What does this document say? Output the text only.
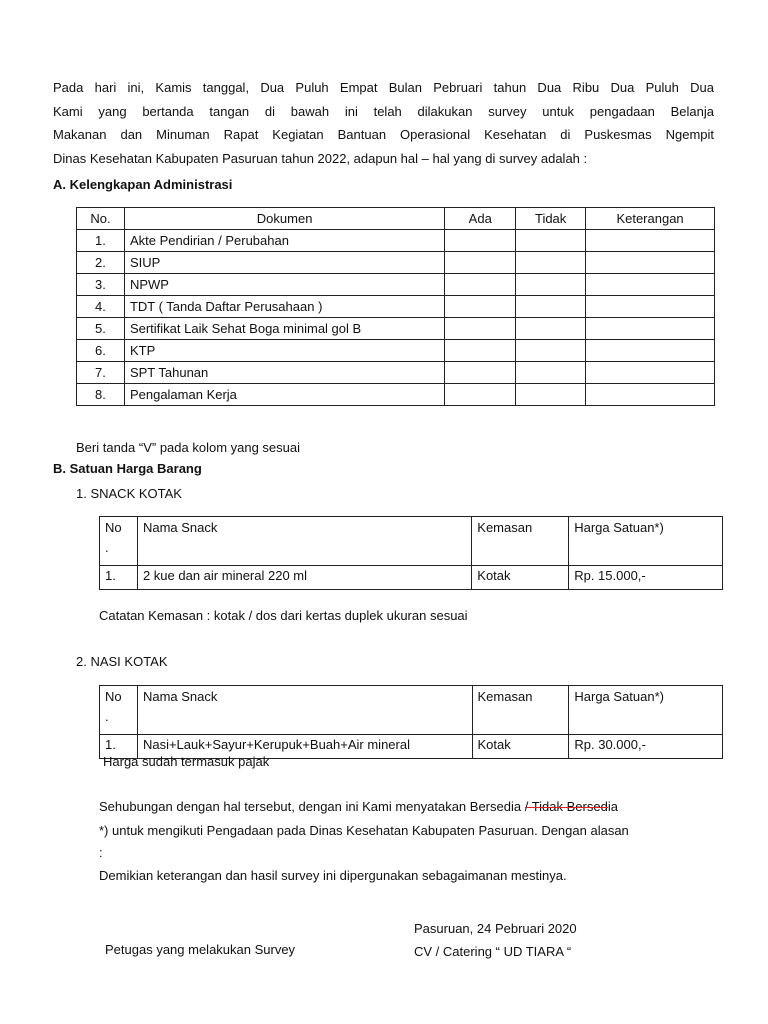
Pada hari ini, Kamis tanggal, Dua Puluh Empat Bulan Pebruari tahun Dua Ribu Dua Puluh Dua
Kami yang bertanda tangan di bawah ini telah dilakukan survey untuk pengadaan Belanja
Makanan dan Minuman Rapat Kegiatan Bantuan Operasional Kesehatan di Puskesmas Ngempit
Dinas Kesehatan Kabupaten Pasuruan tahun 2022, adapun hal – hal yang di survey adalah :
A. Kelengkapan Administrasi
No.	Dokumen	Ada	Tidak	Keterangan
1.	Akte Pendirian / Perubahan			
2.	SIUP			
3.	NPWP			
4.	TDT ( Tanda Daftar Perusahaan )			
5.	Sertifikat Laik Sehat Boga minimal gol B			
6.	KTP			
7.	SPT Tahunan			
8.	Pengalaman Kerja			
Beri tanda “V” pada kolom yang sesuai
B. Satuan Harga Barang
1. SNACK KOTAK
No
.	Nama Snack	Kemasan	Harga Satuan*)
1.	2 kue dan air mineral 220 ml	Kotak	Rp. 15.000,-
Catatan Kemasan : kotak / dos dari kertas duplek ukuran sesuai
2. NASI KOTAK
No
.	Nama Snack	Kemasan	Harga Satuan*)
1.	Nasi+Lauk+Sayur+Kerupuk+Buah+Air mineral	Kotak	Rp. 30.000,-
Harga sudah termasuk pajak
Sehubungan dengan hal tersebut, dengan ini Kami menyatakan Bersedia / Tidak Bersedia
*) untuk mengikuti Pengadaan pada Dinas Kesehatan Kabupaten Pasuruan. Dengan alasan
:
Demikian keterangan dan hasil survey ini dipergunakan sebagaimanan mestinya.
Pasuruan, 24 Pebruari 2020
CV / Catering “ UD TIARA “
Petugas yang melakukan Survey
